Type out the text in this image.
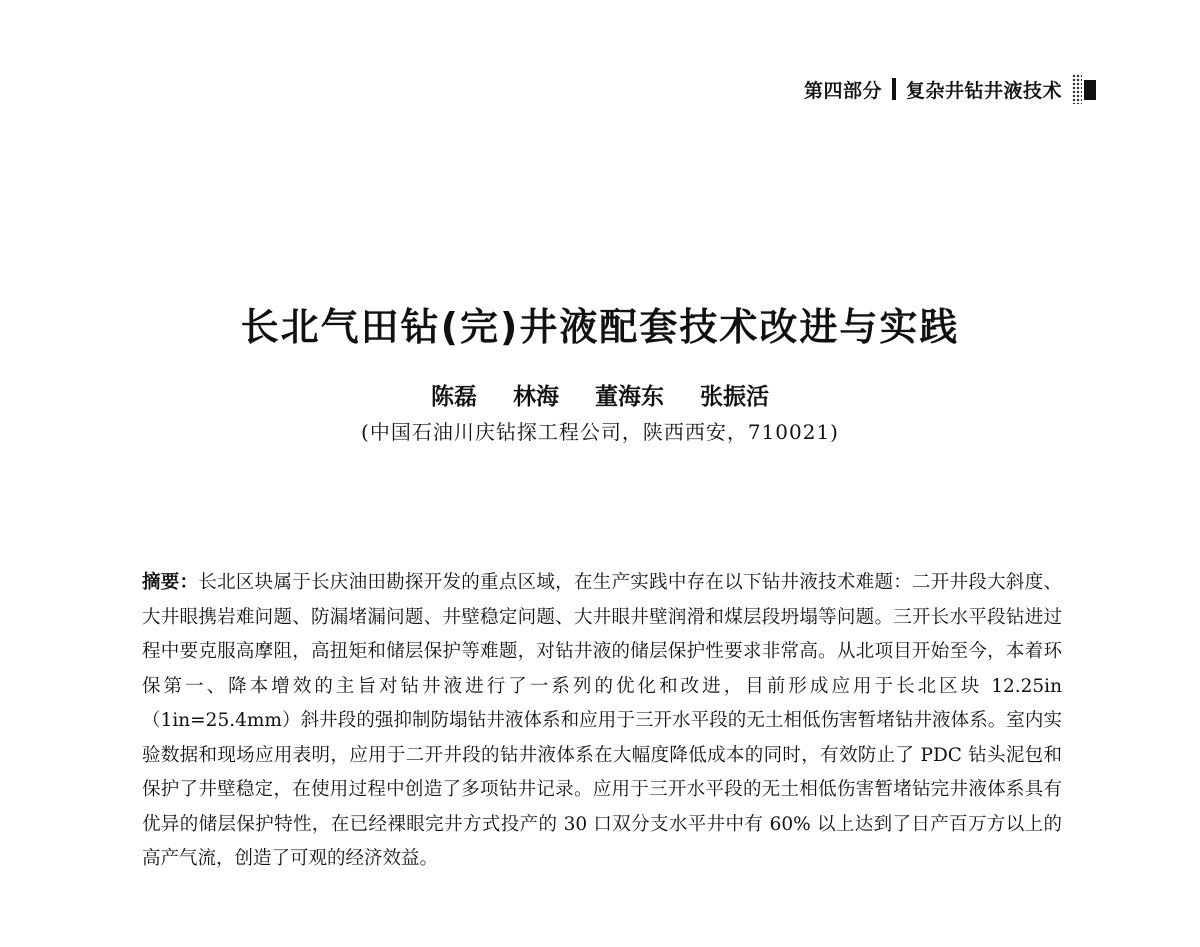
第四部分 复杂井钻井液技术
长北气田钻(完)井液配套技术改进与实践
陈磊 林海 董海东 张振活
(中国石油川庆钻探工程公司，陕西西安，710021)
摘要：长北区块属于长庆油田勘探开发的重点区域，在生产实践中存在以下钻井液技术难题：二开井段大斜度、大井眼携岩难问题、防漏堵漏问题、井壁稳定问题、大井眼井壁润滑和煤层段坍塌等问题。三开长水平段钻进过程中要克服高摩阻，高扭矩和储层保护等难题，对钻井液的储层保护性要求非常高。从北项目开始至今，本着环保第一、降本增效的主旨对钻井液进行了一系列的优化和改进，目前形成应用于长北区块 12.25in（1in=25.4mm）斜井段的强抑制防塌钻井液体系和应用于三开水平段的无土相低伤害暂堵钻井液体系。室内实验数据和现场应用表明，应用于二开井段的钻井液体系在大幅度降低成本的同时，有效防止了 PDC 钻头泥包和保护了井壁稳定，在使用过程中创造了多项钻井记录。应用于三开水平段的无土相低伤害暂堵钻完井液体系具有优异的储层保护特性，在已经裸眼完井方式投产的 30 口双分支水平井中有 60% 以上达到了日产百万方以上的高产气流，创造了可观的经济效益。
